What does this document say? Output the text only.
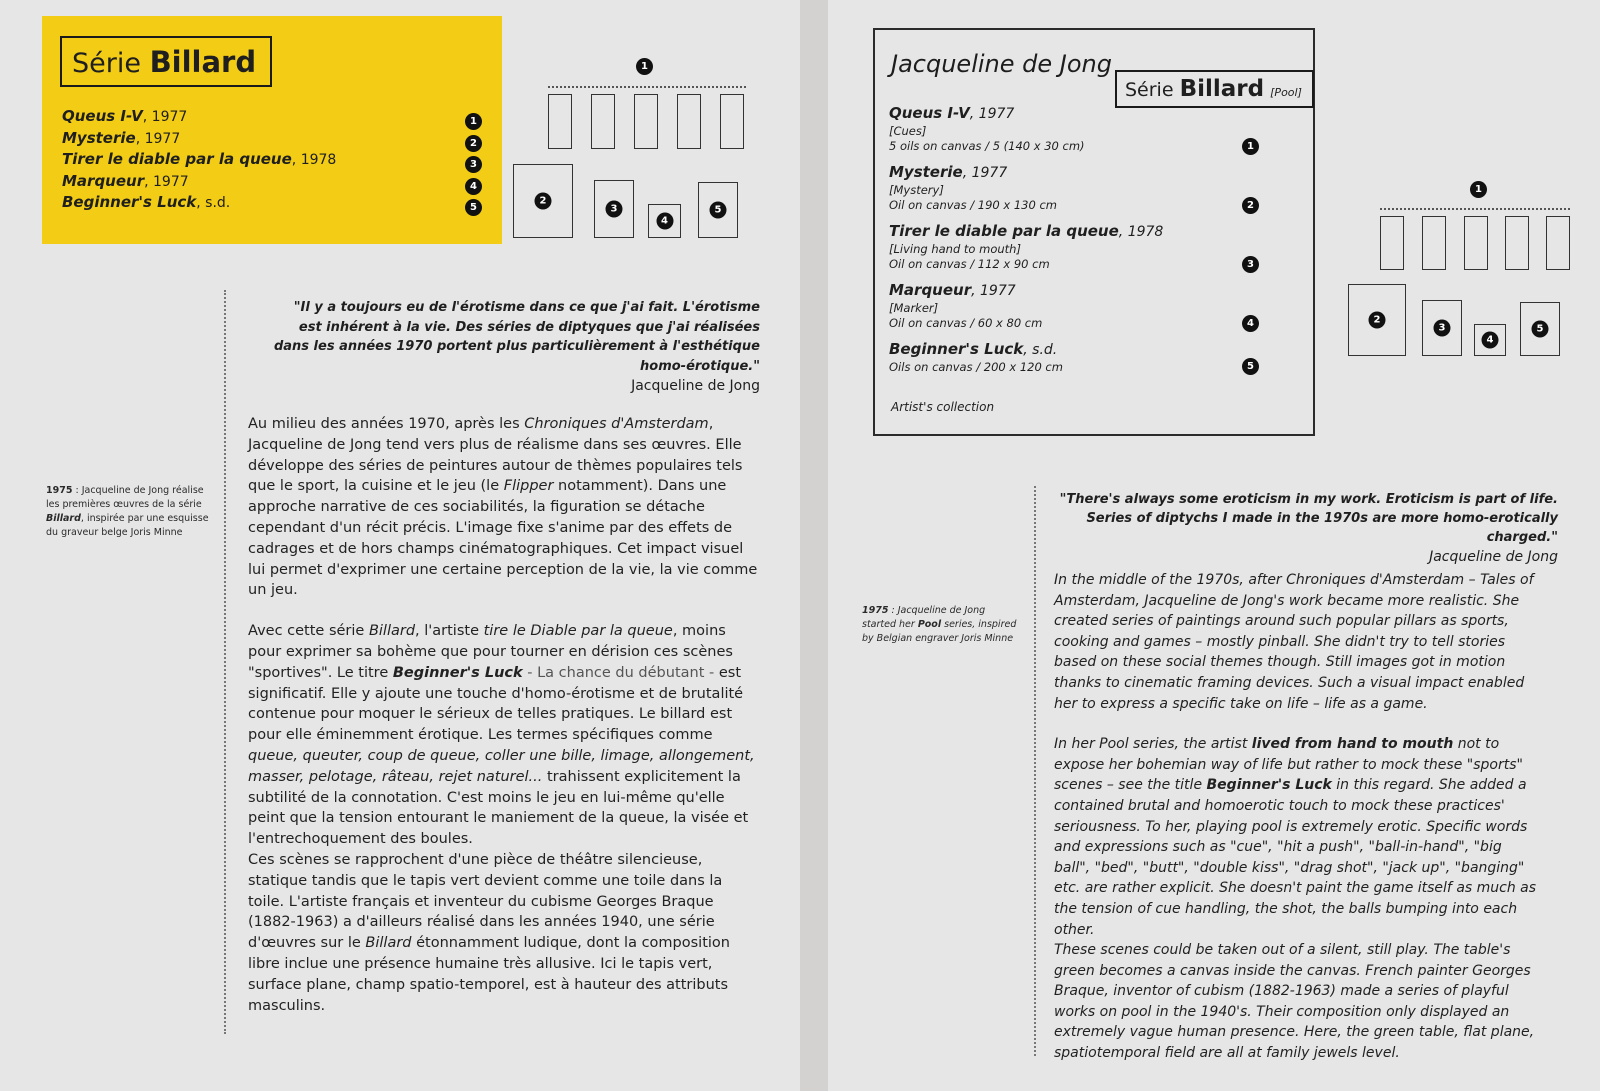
Série Billard
Queus I-V, 1977	1
Mysterie, 1977	2
Tirer le diable par la queue, 1978	3
Marqueur, 1977	4
Beginner's Luck, s.d.	5
1
2
3
4
5
1975 : Jacqueline de Jong réalise les premières œuvres de la série Billard, inspirée par une esquisse du graveur belge Joris Minne
"Il y a toujours eu de l'érotisme dans ce que j'ai fait. L'érotisme est inhérent à la vie. Des séries de diptyques que j'ai réalisées dans les années 1970 portent plus particulièrement à l'esthétique homo-érotique."
Jacqueline de Jong

Au milieu des années 1970, après les Chroniques d'Amsterdam, Jacqueline de Jong tend vers plus de réalisme dans ses œuvres. Elle développe des séries de peintures autour de thèmes populaires tels que le sport, la cuisine et le jeu (le Flipper notamment). Dans une approche narrative de ces sociabilités, la figuration se détache cependant d'un récit précis. L'image fixe s'anime par des effets de cadrages et de hors champs cinématographiques. Cet impact visuel lui permet d'exprimer une certaine perception de la vie, la vie comme un jeu.

Avec cette série Billard, l'artiste tire le Diable par la queue, moins pour exprimer sa bohème que pour tourner en dérision ces scènes "sportives". Le titre Beginner's Luck - La chance du débutant - est significatif. Elle y ajoute une touche d'homo-érotisme et de brutalité contenue pour moquer le sérieux de telles pratiques. Le billard est pour elle éminemment érotique. Les termes spécifiques comme queue, queuter, coup de queue, coller une bille, limage, allongement, masser, pelotage, râteau, rejet naturel... trahissent explicitement la subtilité de la connotation. C'est moins le jeu en lui-même qu'elle peint que la tension entourant le maniement de la queue, la visée et l'entrechoquement des boules.

Ces scènes se rapprochent d'une pièce de théâtre silencieuse, statique tandis que le tapis vert devient comme une toile dans la toile. L'artiste français et inventeur du cubisme Georges Braque (1882-1963) a d'ailleurs réalisé dans les années 1940, une série d'œuvres sur le Billard étonnamment ludique, dont la composition libre inclue une présence humaine très allusive. Ici le tapis vert, surface plane, champ spatio-temporel, est à hauteur des attributs masculins.

Jacqueline de Jong
Série Billard [Pool]
Queus I-V, 1977
[Cues]
5 oils on canvas / 5 (140 x 30 cm)	1
Mysterie, 1977
[Mystery]
Oil on canvas / 190 x 130 cm	2
Tirer le diable par la queue, 1978
[Living hand to mouth]
Oil on canvas / 112 x 90 cm	3
Marqueur, 1977
[Marker]
Oil on canvas / 60 x 80 cm	4
Beginner's Luck, s.d.
Oils on canvas / 200 x 120 cm	5
Artist's collection
1
2
3
4
5
1975 : Jacqueline de Jong started her Pool series, inspired by Belgian engraver Joris Minne
"There's always some eroticism in my work. Eroticism is part of life. Series of diptychs I made in the 1970s are more homo-erotically charged."
Jacqueline de Jong

In the middle of the 1970s, after Chroniques d'Amsterdam – Tales of Amsterdam, Jacqueline de Jong's work became more realistic. She created series of paintings around such popular pillars as sports, cooking and games – mostly pinball. She didn't try to tell stories based on these social themes though. Still images got in motion thanks to cinematic framing devices. Such a visual impact enabled her to express a specific take on life – life as a game.

In her Pool series, the artist lived from hand to mouth not to expose her bohemian way of life but rather to mock these "sports" scenes – see the title Beginner's Luck in this regard. She added a contained brutal and homoerotic touch to mock these practices' seriousness. To her, playing pool is extremely erotic. Specific words and expressions such as "cue", "hit a push", "ball-in-hand", "big ball", "bed", "butt", "double kiss", "drag shot", "jack up", "banging" etc. are rather explicit. She doesn't paint the game itself as much as the tension of cue handling, the shot, the balls bumping into each other.

These scenes could be taken out of a silent, still play. The table's green becomes a canvas inside the canvas. French painter Georges Braque, inventor of cubism (1882-1963) made a series of playful works on pool in the 1940's. Their composition only displayed an extremely vague human presence. Here, the green table, flat plane, spatiotemporal field are all at family jewels level.
